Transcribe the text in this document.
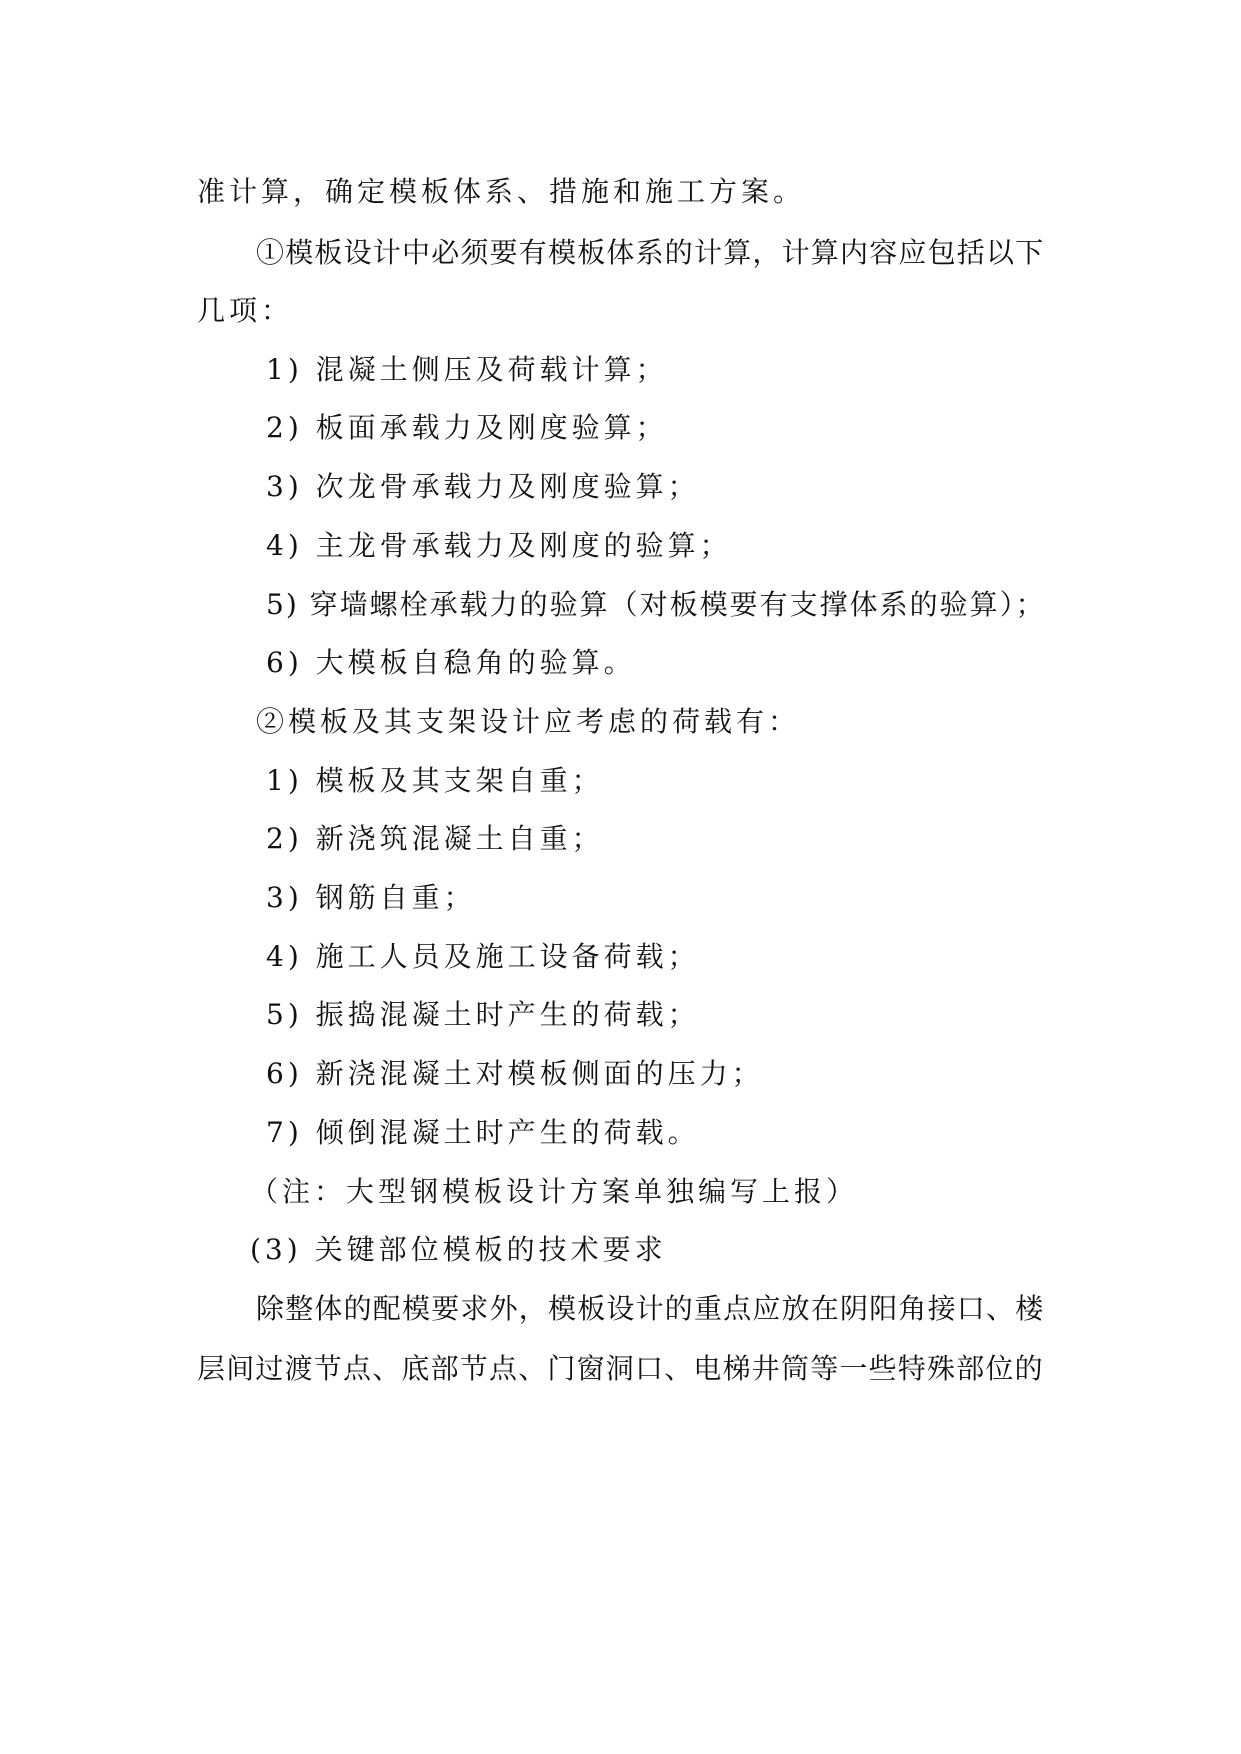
准计算，确定模板体系、措施和施工方案。
①模板设计中必须要有模板体系的计算，计算内容应包括以下
几项：
1) 混凝土侧压及荷载计算；
2) 板面承载力及刚度验算；
3) 次龙骨承载力及刚度验算；
4) 主龙骨承载力及刚度的验算；
5) 穿墙螺栓承载力的验算（对板模要有支撑体系的验算）；
6) 大模板自稳角的验算。
②模板及其支架设计应考虑的荷载有：
1) 模板及其支架自重；
2) 新浇筑混凝土自重；
3) 钢筋自重；
4) 施工人员及施工设备荷载；
5) 振捣混凝土时产生的荷载；
6) 新浇混凝土对模板侧面的压力；
7) 倾倒混凝土时产生的荷载。
（注：大型钢模板设计方案单独编写上报）
(3) 关键部位模板的技术要求
除整体的配模要求外，模板设计的重点应放在阴阳角接口、楼
层间过渡节点、底部节点、门窗洞口、电梯井筒等一些特殊部位的
